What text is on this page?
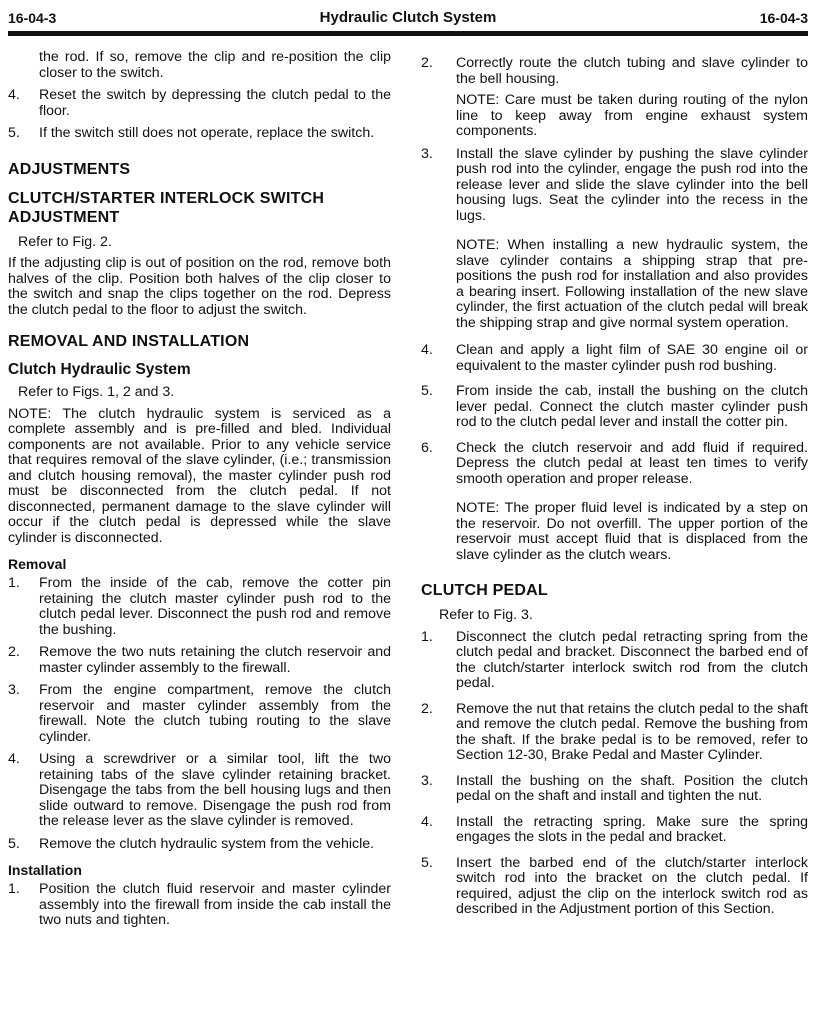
16-04-3	Hydraulic Clutch System	16-04-3

the rod. If so, remove the clip and re-position the clip closer to the switch.

4. Reset the switch by depressing the clutch pedal to the floor.
5. If the switch still does not operate, replace the switch.
ADJUSTMENTS
CLUTCH/STARTER INTERLOCK SWITCH ADJUSTMENT

Refer to Fig. 2.

If the adjusting clip is out of position on the rod, remove both halves of the clip. Position both halves of the clip closer to the switch and snap the clips together on the rod. Depress the clutch pedal to the floor to adjust the switch.

REMOVAL AND INSTALLATION
Clutch Hydraulic System

Refer to Figs. 1, 2 and 3.

NOTE: The clutch hydraulic system is serviced as a complete assembly and is pre-filled and bled. Individual components are not available. Prior to any vehicle service that requires removal of the slave cylinder, (i.e.; transmission and clutch housing removal), the master cylinder push rod must be disconnected from the clutch pedal. If not disconnected, permanent damage to the slave cylinder will occur if the clutch pedal is depressed while the slave cylinder is disconnected.

Removal
1. From the inside of the cab, remove the cotter pin retaining the clutch master cylinder push rod to the clutch pedal lever. Disconnect the push rod and remove the bushing.
2. Remove the two nuts retaining the clutch reservoir and master cylinder assembly to the firewall.
3. From the engine compartment, remove the clutch reservoir and master cylinder assembly from the firewall. Note the clutch tubing routing to the slave cylinder.
4. Using a screwdriver or a similar tool, lift the two retaining tabs of the slave cylinder retaining bracket. Disengage the tabs from the bell housing lugs and then slide outward to remove. Disengage the push rod from the release lever as the slave cylinder is removed.
5. Remove the clutch hydraulic system from the vehicle.
Installation
1. Position the clutch fluid reservoir and master cylinder assembly into the firewall from inside the cab install the two nuts and tighten.
2. Correctly route the clutch tubing and slave cylinder to the bell housing.

NOTE: Care must be taken during routing of the nylon line to keep away from engine exhaust system components.

3. Install the slave cylinder by pushing the slave cylinder push rod into the cylinder, engage the push rod into the release lever and slide the slave cylinder into the bell housing lugs. Seat the cylinder into the recess in the lugs.

NOTE: When installing a new hydraulic system, the slave cylinder contains a shipping strap that pre-positions the push rod for installation and also provides a bearing insert. Following installation of the new slave cylinder, the first actuation of the clutch pedal will break the shipping strap and give normal system operation.

4. Clean and apply a light film of SAE 30 engine oil or equivalent to the master cylinder push rod bushing.
5. From inside the cab, install the bushing on the clutch lever pedal. Connect the clutch master cylinder push rod to the clutch pedal lever and install the cotter pin.
6. Check the clutch reservoir and add fluid if required. Depress the clutch pedal at least ten times to verify smooth operation and proper release.

NOTE: The proper fluid level is indicated by a step on the reservoir. Do not overfill. The upper portion of the reservoir must accept fluid that is displaced from the slave cylinder as the clutch wears.

CLUTCH PEDAL

Refer to Fig. 3.

1. Disconnect the clutch pedal retracting spring from the clutch pedal and bracket. Disconnect the barbed end of the clutch/starter interlock switch rod from the clutch pedal.
2. Remove the nut that retains the clutch pedal to the shaft and remove the clutch pedal. Remove the bushing from the shaft. If the brake pedal is to be removed, refer to Section 12-30, Brake Pedal and Master Cylinder.
3. Install the bushing on the shaft. Position the clutch pedal on the shaft and install and tighten the nut.
4. Install the retracting spring. Make sure the spring engages the slots in the pedal and bracket.
5. Insert the barbed end of the clutch/starter interlock switch rod into the bracket on the clutch pedal. If required, adjust the clip on the interlock switch rod as described in the Adjustment portion of this Section.
